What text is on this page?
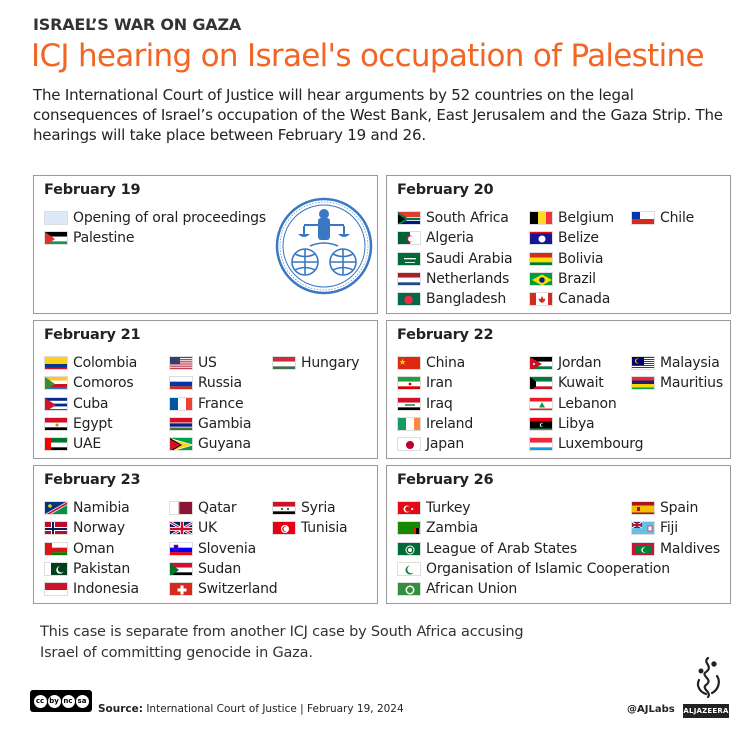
ISRAEL’S WAR ON GAZA
ICJ hearing on Israel's occupation of Palestine
The International Court of Justice will hear arguments by 52 countries on the legal consequences of Israel’s occupation of the West Bank, East Jerusalem and the Gaza Strip. The hearings will take place between February 19 and 26.
February 19
Opening of oral proceedings
Palestine
February 20
South Africa
Algeria
Saudi Arabia
Netherlands
Bangladesh
Belgium
Belize
Bolivia
Brazil
Canada
Chile
February 21
Colombia
Comoros
Cuba
Egypt
UAE
US
Russia
France
Gambia
Guyana
Hungary
February 22
China
Iran
Iraq
Ireland
Japan
Jordan
Kuwait
Lebanon
Libya
Luxembourg
Malaysia
Mauritius
February 23
Namibia
Norway
Oman
Pakistan
Indonesia
Qatar
UK
Slovenia
Sudan
Switzerland
Syria
Tunisia
February 26
Turkey
Zambia
League of Arab States
Organisation of Islamic Cooperation
African Union
Spain
Fiji
Maldives
This case is separate from another ICJ case by South Africa accusing Israel of committing genocide in Gaza.
cc by nc sa
Source: International Court of Justice | February 19, 2024	@AJLabs ALJAZEERA
